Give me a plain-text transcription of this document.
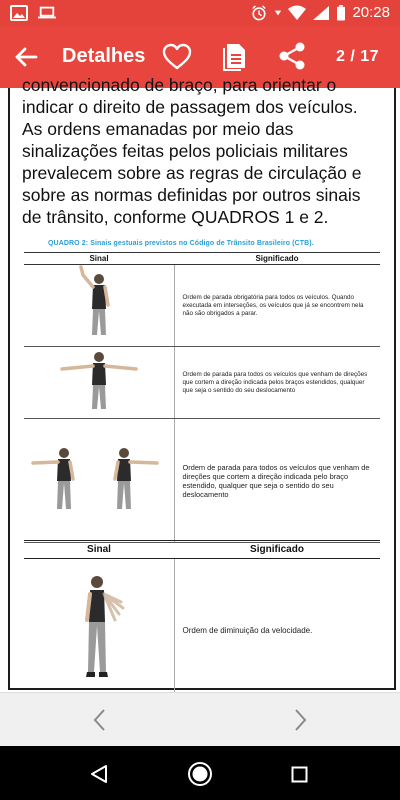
20:28
Detalhes	2 / 17
convencionado de braço, para orientar o
indicar o direito de passagem dos veículos.
As ordens emanadas por meio das
sinalizações feitas pelos policiais militares
prevalecem sobre as regras de circulação e
sobre as normas definidas por outros sinais
de trânsito, conforme QUADROS 1 e 2.
QUADRO 2: Sinais gestuais previstos no Código de Trânsito Brasileiro (CTB).
Sinal	Significado
	Ordem de parada obrigatória para todos os veículos. Quando executada em interseções, os veículos que já se encontrem nela não são obrigados a parar.
	Ordem de parada para todos os veículos que venham de direções que cortem a direção indicada pelos braços estendidos, qualquer que seja o sentido do seu deslocamento
	Ordem de parada para todos os veículos que venham de direções que cortem a direção indicada pelo braço estendido, qualquer que seja o sentido do seu deslocamento
Sinal	Significado
	Ordem de diminuição da velocidade.
